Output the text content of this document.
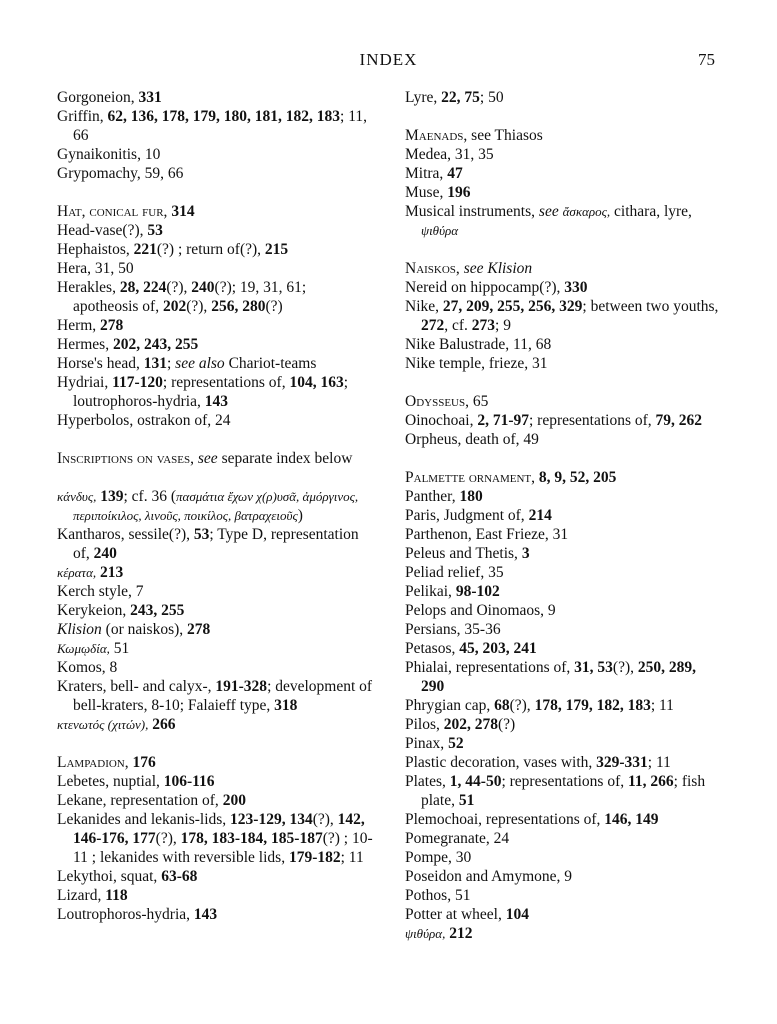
INDEX	75

Gorgoneion, 331

Griffin, 62, 136, 178, 179, 180, 181, 182, 183; 11, 66

Gynaikonitis, 10

Grypomachy, 59, 66

Hat, conical fur, 314

Head-vase(?), 53

Hephaistos, 221(?) ; return of(?), 215

Hera, 31, 50

Herakles, 28, 224(?), 240(?); 19, 31, 61; apotheosis of, 202(?), 256, 280(?)

Herm, 278

Hermes, 202, 243, 255

Horse's head, 131; see also Chariot-teams

Hydriai, 117-120; representations of, 104, 163; loutrophoros-hydria, 143

Hyperbolos, ostrakon of, 24

Inscriptions on vases, see separate index below

κάνδυς, 139; cf. 36 (πασμάτια ἔχων χ(ρ)υσᾶ, ἀμόργινος, περιποίκιλος, λινοῦς, ποικίλος, βατραχειοῦς)

Kantharos, sessile(?), 53; Type D, representation of, 240

κέρατα, 213

Kerch style, 7

Kerykeion, 243, 255

Klision (or naiskos), 278

Κωμῳδία, 51

Komos, 8

Kraters, bell- and calyx-, 191-328; development of bell-kraters, 8-10; Falaieff type, 318

κτενωτός (χιτών), 266

Lampadion, 176

Lebetes, nuptial, 106-116

Lekane, representation of, 200

Lekanides and lekanis-lids, 123-129, 134(?), 142, 146-176, 177(?), 178, 183-184, 185-187(?) ; 10-11 ; lekanides with reversible lids, 179-182; 11

Lekythoi, squat, 63-68

Lizard, 118

Loutrophoros-hydria, 143

Lyre, 22, 75; 50

Maenads, see Thiasos

Medea, 31, 35

Mitra, 47

Muse, 196

Musical instruments, see ἄσκαρος, cithara, lyre, ψιθύρα

Naiskos, see Klision

Nereid on hippocamp(?), 330

Nike, 27, 209, 255, 256, 329; between two youths, 272, cf. 273; 9

Nike Balustrade, 11, 68

Nike temple, frieze, 31

Odysseus, 65

Oinochoai, 2, 71-97; representations of, 79, 262

Orpheus, death of, 49

Palmette ornament, 8, 9, 52, 205

Panther, 180

Paris, Judgment of, 214

Parthenon, East Frieze, 31

Peleus and Thetis, 3

Peliad relief, 35

Pelikai, 98-102

Pelops and Oinomaos, 9

Persians, 35-36

Petasos, 45, 203, 241

Phialai, representations of, 31, 53(?), 250, 289, 290

Phrygian cap, 68(?), 178, 179, 182, 183; 11

Pilos, 202, 278(?)

Pinax, 52

Plastic decoration, vases with, 329-331; 11

Plates, 1, 44-50; representations of, 11, 266; fish plate, 51

Plemochoai, representations of, 146, 149

Pomegranate, 24

Pompe, 30

Poseidon and Amymone, 9

Pothos, 51

Potter at wheel, 104

ψιθύρα, 212
